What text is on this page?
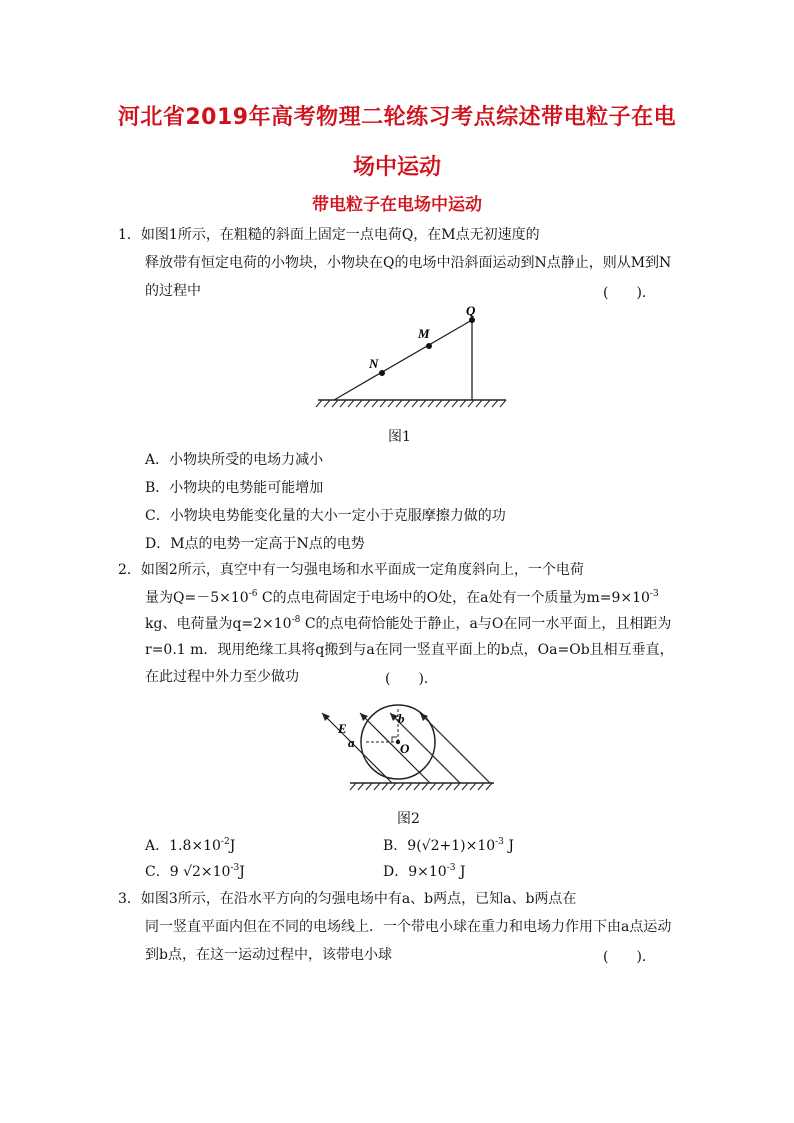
河北省2019年高考物理二轮练习考点综述带电粒子在电
场中运动
带电粒子在电场中运动
1．如图1所示，在粗糙的斜面上固定一点电荷Q，在M点无初速度的
释放带有恒定电荷的小物块，小物块在Q的电场中沿斜面运动到N点静止，则从M到N
的过程中	(　　)．
Q
M
N
图1
A．小物块所受的电场力减小
B．小物块的电势能可能增加
C．小物块电势能变化量的大小一定小于克服摩擦力做的功
D．M点的电势一定高于N点的电势
2．如图2所示，真空中有一匀强电场和水平面成一定角度斜向上，一个电荷
量为$Q=-5\times 10^{-6}$ C的点电荷固定于电场中的O处，在a处有一个质量为$m=9\times 10^{-3}$
kg、电荷量为$q=2\times 10^{-8}$ C的点电荷恰能处于静止，a与O在同一水平面上，且相距为
r=0.1 m．现用绝缘工具将q搬到与a在同一竖直平面上的b点，Oa=Ob且相互垂直，
在此过程中外力至少做功	(　　)．
E
a
b
O
图2
A．$1.8\times 10^{-2}J$	B．$9(√2+1)\times 10^{-3}$ J
C．9 $√2\times 10^{-3}J$	D．$9\times 10^{-3}$ J
3．如图3所示，在沿水平方向的匀强电场中有a、b两点，已知a、b两点在
同一竖直平面内但在不同的电场线上．一个带电小球在重力和电场力作用下由a点运动
到b点，在这一运动过程中，该带电小球	(　　)．
